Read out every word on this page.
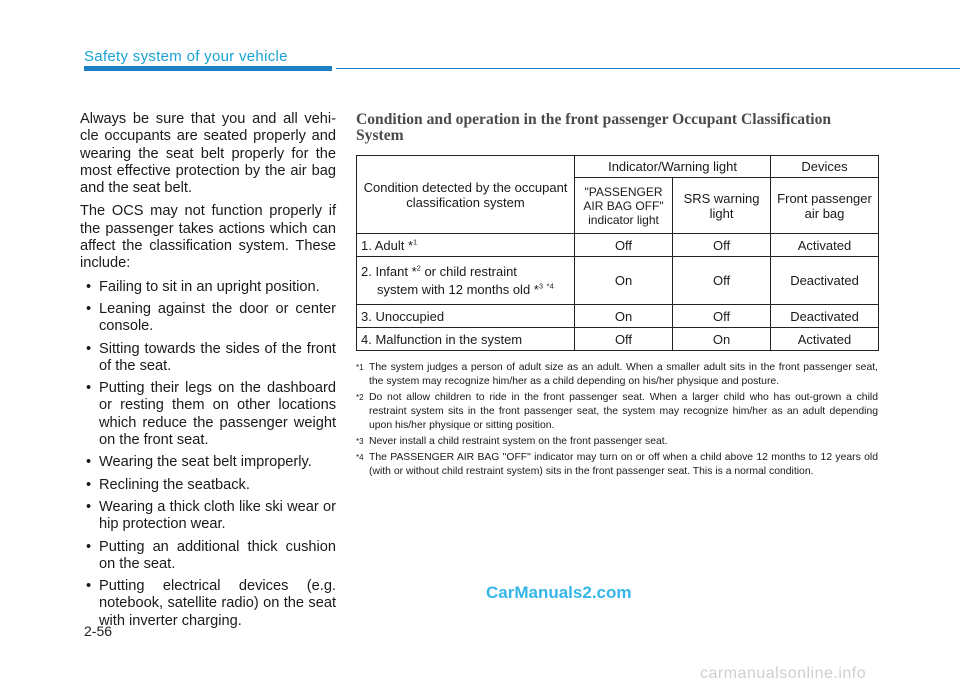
Safety system of your vehicle

Always be sure that you and all vehi-cle occupants are seated properly and wearing the seat belt properly for the most effective protection by the air bag and the seat belt.

The OCS may not function properly if the passenger takes actions which can affect the classification system. These include:

• Failing to sit in an upright position.
• Leaning against the door or center console.
• Sitting towards the sides of the front of the seat.
• Putting their legs on the dashboard or resting them on other locations which reduce the passenger weight on the front seat.
• Wearing the seat belt improperly.
• Reclining the seatback.
• Wearing a thick cloth like ski wear or hip protection wear.
• Putting an additional thick cushion on the seat.
• Putting electrical devices (e.g. notebook, satellite radio) on the seat with inverter charging.
Condition and operation in the front passenger Occupant Classification System
Condition detected by the occupant classification system	Indicator/Warning light		Devices
	"PASSENGER AIR BAG OFF" indicator light	SRS warning light	Front passenger air bag
1. Adult *$^1$	Off	Off	Activated
2. Infant *$^2$ or child restraint
system with 12 months old *$^3$ $^{*4}$	On	Off	Deactivated
3. Unoccupied	On	Off	Deactivated
4. Malfunction in the system	Off	On	Activated
*1 The system judges a person of adult size as an adult. When a smaller adult sits in the front passenger seat, the system may recognize him/her as a child depending on his/her physique and posture.
*2 Do not allow children to ride in the front passenger seat. When a larger child who has out-grown a child restraint system sits in the front passenger seat, the system may recognize him/her as an adult depending upon his/her physique or sitting position.
*3 Never install a child restraint system on the front passenger seat.
*4 The PASSENGER AIR BAG "OFF" indicator may turn on or off when a child above 12 months to 12 years old (with or without child restraint system) sits in the front passenger seat. This is a normal condition.
CarManuals2.com
2-56
carmanualsonline.info
